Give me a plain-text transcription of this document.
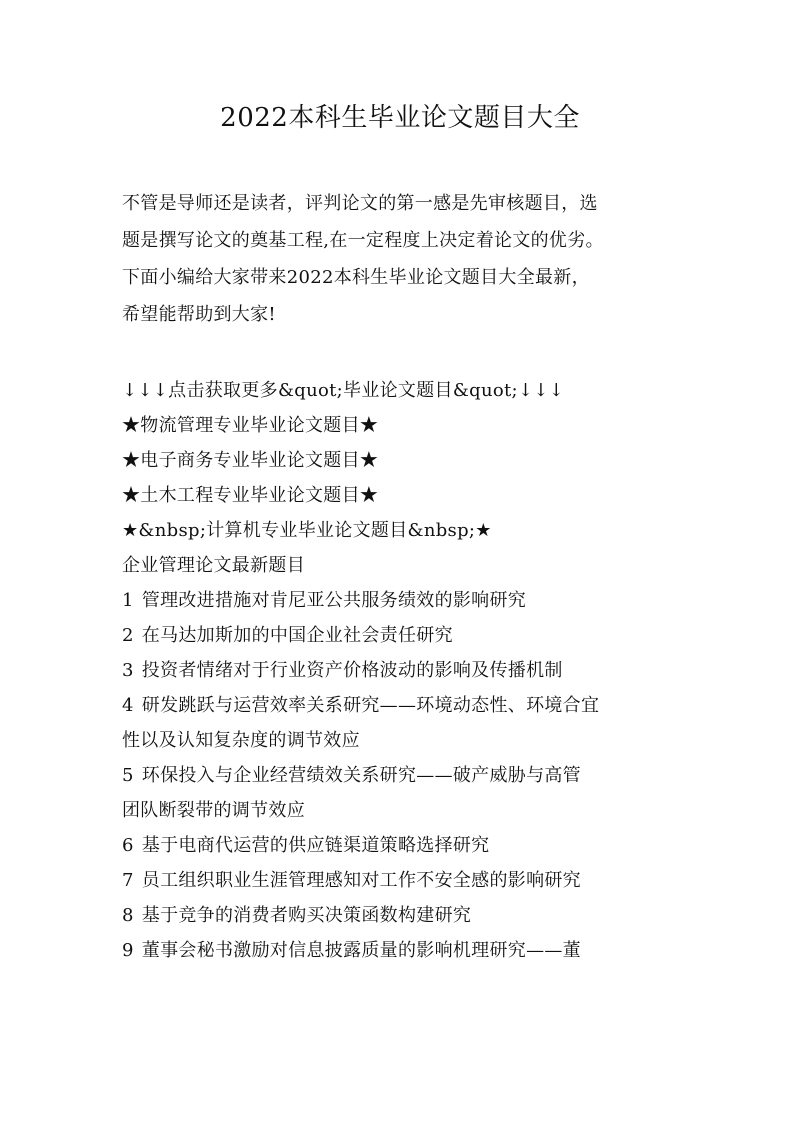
2022本科生毕业论文题目大全
不管是导师还是读者，评判论文的第一感是先审核题目，选
题是撰写论文的奠基工程,在一定程度上决定着论文的优劣。
下面小编给大家带来2022本科生毕业论文题目大全最新，
希望能帮助到大家!
↓↓↓点击获取更多&quot;毕业论文题目&quot;↓↓↓
★物流管理专业毕业论文题目★
★电子商务专业毕业论文题目★
★土木工程专业毕业论文题目★
★&nbsp;计算机专业毕业论文题目&nbsp;★
企业管理论文最新题目
1 管理改进措施对肯尼亚公共服务绩效的影响研究
2 在马达加斯加的中国企业社会责任研究
3 投资者情绪对于行业资产价格波动的影响及传播机制
4 研发跳跃与运营效率关系研究——环境动态性、环境合宜
性以及认知复杂度的调节效应
5 环保投入与企业经营绩效关系研究——破产威胁与高管
团队断裂带的调节效应
6 基于电商代运营的供应链渠道策略选择研究
7 员工组织职业生涯管理感知对工作不安全感的影响研究
8 基于竞争的消费者购买决策函数构建研究
9 董事会秘书激励对信息披露质量的影响机理研究——董
